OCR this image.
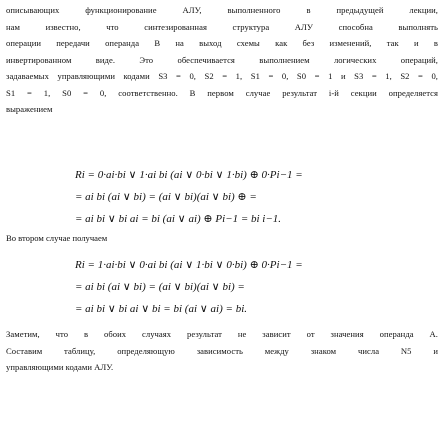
описывающих функционирование АЛУ, выполненного в предыдущей лекции,
нам известно, что синтезированная структура АЛУ способна выполнять
операции передачи операнда B на выход схемы как без изменений, так и в
инвертированном виде. Это обеспечивается выполнением логических операций,
задаваемых управляющими кодами S3 = 0, S2 = 1, S1 = 0, S0 = 1 и S3 = 1, S2 = 0,
S1 = 1, S0 = 0, соответственно. В первом случае результат i-й секции определяется
выражением
Ri = 0·ai·bi ∨ 1·ai bi (ai ∨ 0·bi ∨ 1·bi) ⊕ 0·Pi−1 =
= ai bi (ai ∨ bi) = (ai ∨ bi)(ai ∨ bi) ⊕ =
= ai bi ∨ bi ai = bi (ai ∨ ai) ⊕ Pi−1 = bi i−1.
Во втором случае получаем
Ri = 1·ai·bi ∨ 0·ai bi (ai ∨ 1·bi ∨ 0·bi) ⊕ 0·Pi−1 =
= ai bi (ai ∨ bi) = (ai ∨ bi)(ai ∨ bi) =
= ai bi ∨ bi ai ∨ bi = bi (ai ∨ ai) = bi.
Заметим, что в обоих случаях результат не зависит от значения операнда A.
Составим таблицу, определяющую зависимость между знаком числа N5 и
управляющими кодами АЛУ.
